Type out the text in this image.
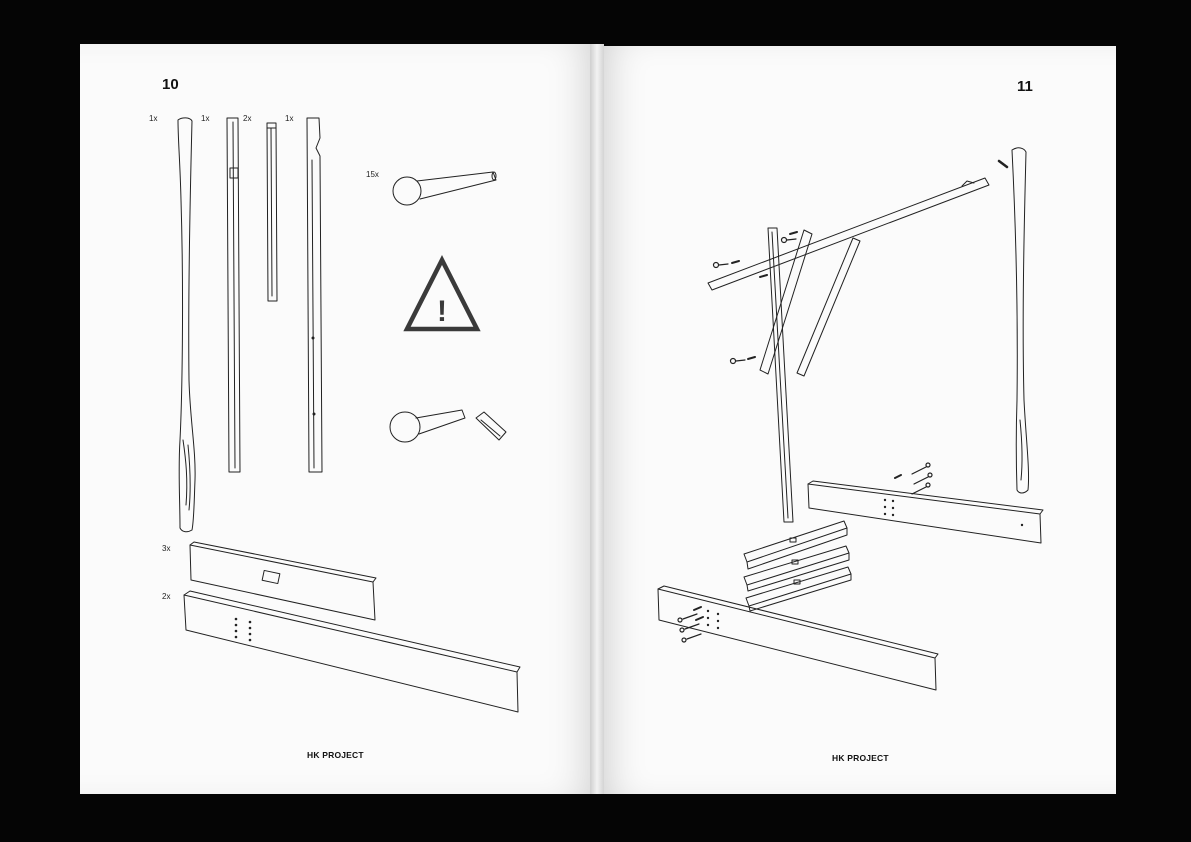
10	11
1x	1x	2x	1x
15x
3x
2x
HK PROJECT	HK PROJECT
!
